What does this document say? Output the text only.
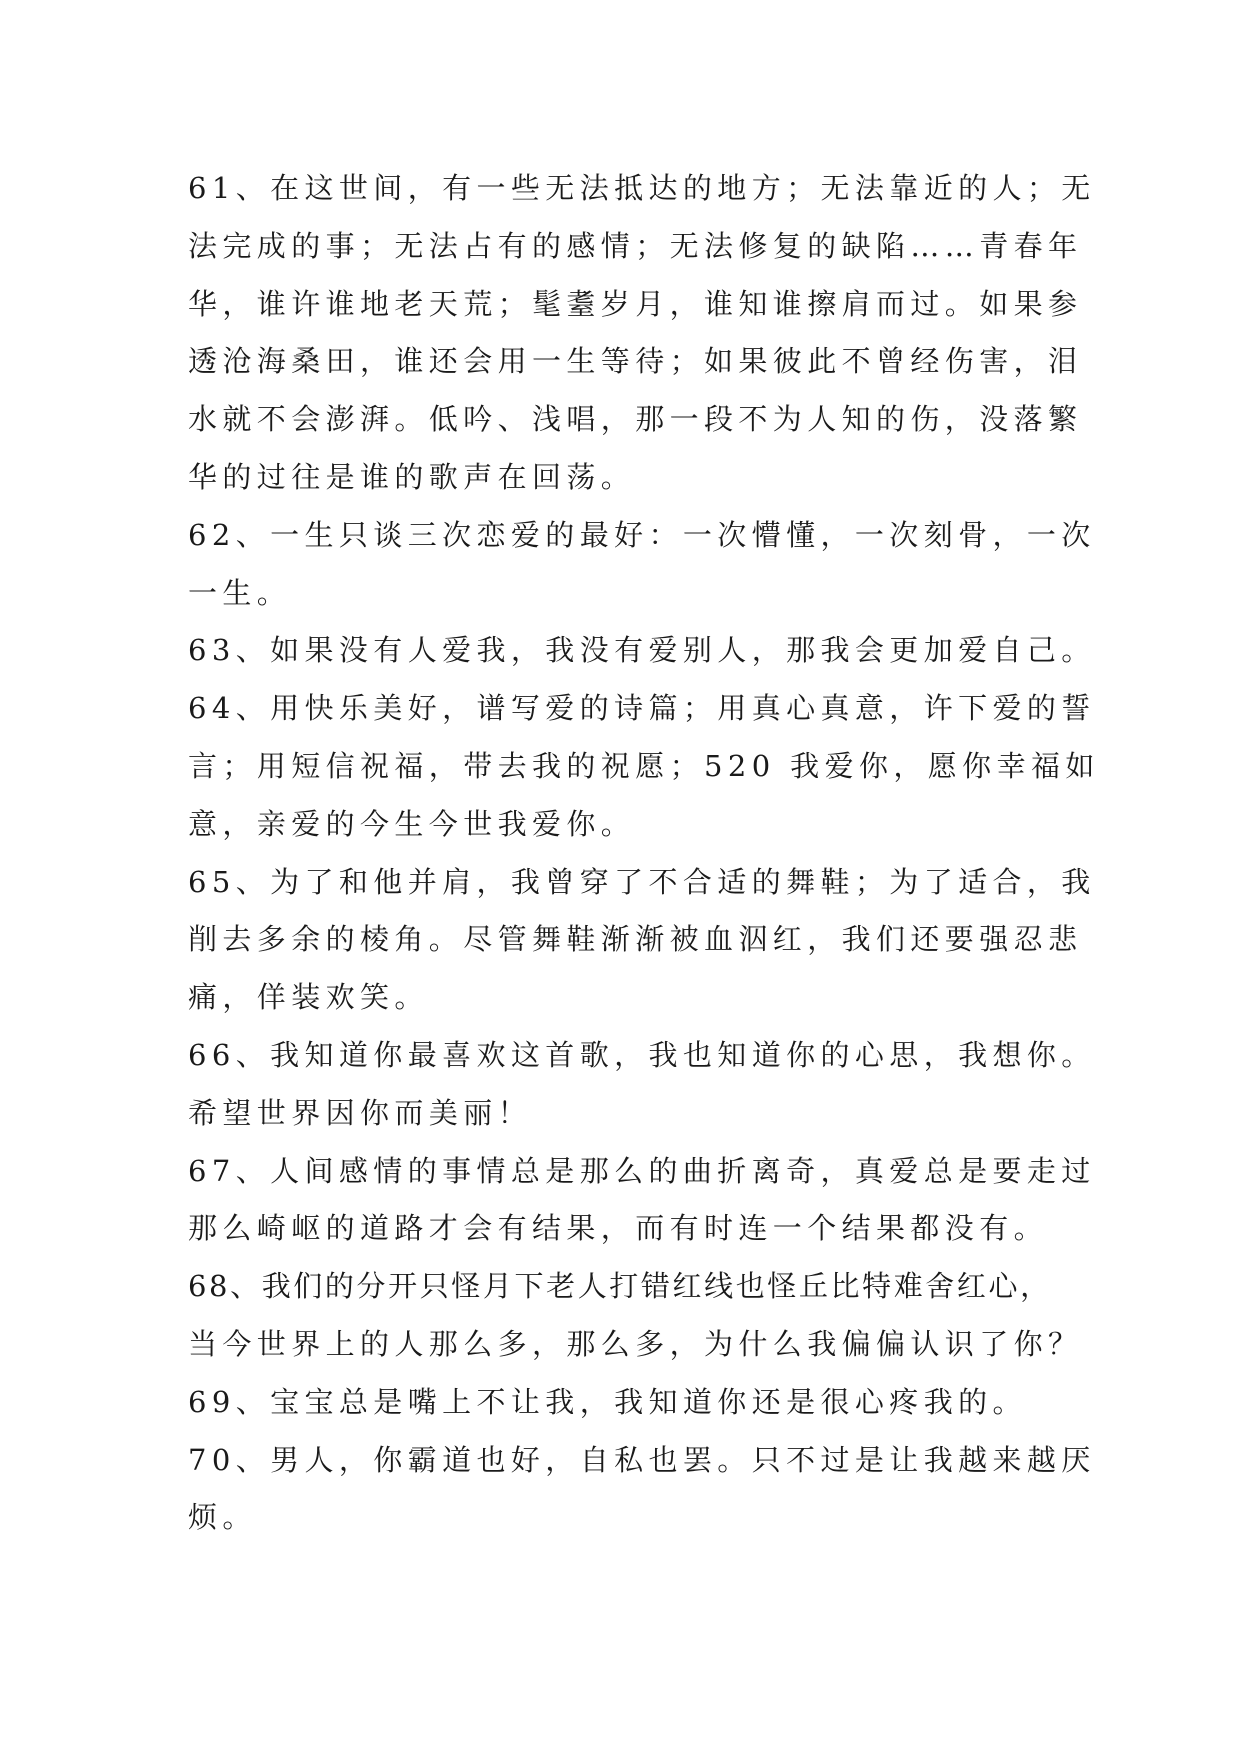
61、在这世间，有一些无法抵达的地方；无法靠近的人；无
法完成的事；无法占有的感情；无法修复的缺陷……青春年
华，谁许谁地老天荒；髦耋岁月，谁知谁擦肩而过。如果参
透沧海桑田，谁还会用一生等待；如果彼此不曾经伤害，泪
水就不会澎湃。低吟、浅唱，那一段不为人知的伤，没落繁
华的过往是谁的歌声在回荡。
62、一生只谈三次恋爱的最好：一次懵懂，一次刻骨，一次
一生。
63、如果没有人爱我，我没有爱别人，那我会更加爱自己。
64、用快乐美好，谱写爱的诗篇；用真心真意，许下爱的誓
言；用短信祝福，带去我的祝愿；520 我爱你，愿你幸福如
意，亲爱的今生今世我爱你。
65、为了和他并肩，我曾穿了不合适的舞鞋；为了适合，我
削去多余的棱角。尽管舞鞋渐渐被血泅红，我们还要强忍悲
痛，佯装欢笑。
66、我知道你最喜欢这首歌，我也知道你的心思，我想你。
希望世界因你而美丽！
67、人间感情的事情总是那么的曲折离奇，真爱总是要走过
那么崎岖的道路才会有结果，而有时连一个结果都没有。
68、我们的分开只怪月下老人打错红线也怪丘比特难舍红心，
当今世界上的人那么多，那么多，为什么我偏偏认识了你？
69、宝宝总是嘴上不让我，我知道你还是很心疼我的。
70、男人，你霸道也好，自私也罢。只不过是让我越来越厌
烦。
